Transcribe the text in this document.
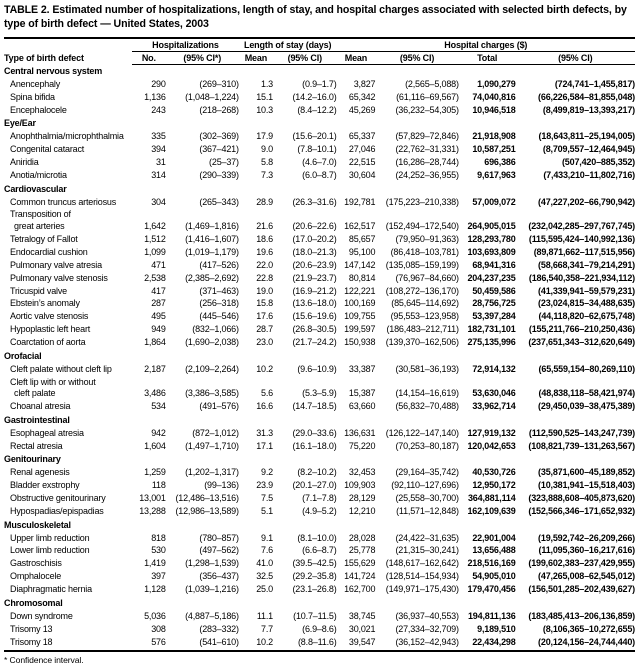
TABLE 2. Estimated number of hospitalizations, length of stay, and hospital charges associated with selected birth defects, by type of birth defect — United States, 2003
Type of birth defect	Hospitalizations		Length of stay (days)		Hospital charges ($)			
	No.	(95% CI*)	Mean	(95% CI)	Mean	(95% CI)	Total	(95% CI)
Central nervous system								
Anencephaly	290	(269–310)	1.3	(0.9–1.7)	3,827	(2,565–5,088)	1,090,279	(724,741–1,455,817)
Spina bifida	1,136	(1,048–1,224)	15.1	(14.2–16.0)	65,342	(61,116–69,567)	74,040,816	(66,226,584–81,855,048)
Encephalocele	243	(218–268)	10.3	(8.4–12.2)	45,269	(36,232–54,305)	10,946,518	(8,499,819–13,393,217)
Eye/Ear								
Anophthalmia/microphthalmia	335	(302–369)	17.9	(15.6–20.1)	65,337	(57,829–72,846)	21,918,908	(18,643,811–25,194,005)
Congenital cataract	394	(367–421)	9.0	(7.8–10.1)	27,046	(22,762–31,331)	10,587,251	(8,709,557–12,464,945)
Aniridia	31	(25–37)	5.8	(4.6–7.0)	22,515	(16,286–28,744)	696,386	(507,420–885,352)
Anotia/microtia	314	(290–339)	7.3	(6.0–8.7)	30,604	(24,252–36,955)	9,617,963	(7,433,210–11,802,716)
Cardiovascular								
Common truncus arteriosus	304	(265–343)	28.9	(26.3–31.6)	192,781	(175,223–210,338)	57,009,072	(47,227,202–66,790,942)

Transposition of
great arteries	1,642	(1,469–1,816)	21.6	(20.6–22.6)	162,517	(152,494–172,540)	264,905,015	(232,042,285–297,767,745)
Tetralogy of Fallot	1,512	(1,416–1,607)	18.6	(17.0–20.2)	85,657	(79,950–91,363)	128,293,780	(115,595,424–140,992,136)
Endocardial cushion	1,099	(1,019–1,179)	19.6	(18.0–21.3)	95,100	(86,418–103,781)	103,693,809	(89,871,662–117,515,956)
Pulmonary valve atresia	471	(417–526)	22.0	(20.6–23.9)	147,142	(135,085–159,199)	68,941,316	(58,668,341–79,214,291)
Pulmonary valve stenosis	2,538	(2,385–2,692)	22.8	(21.9–23.7)	80,814	(76,967–84,660)	204,237,235	(186,540,358–221,934,112)
Tricuspid valve	417	(371–463)	19.0	(16.9–21.2)	122,221	(108,272–136,170)	50,459,586	(41,339,941–59,579,231)
Ebstein’s anomaly	287	(256–318)	15.8	(13.6–18.0)	100,169	(85,645–114,692)	28,756,725	(23,024,815–34,488,635)
Aortic valve stenosis	495	(445–546)	17.6	(15.6–19.6)	109,755	(95,553–123,958)	53,397,284	(44,118,820–62,675,748)
Hypoplastic left heart	949	(832–1,066)	28.7	(26.8–30.5)	199,597	(186,483–212,711)	182,731,101	(155,211,766–210,250,436)
Coarctation of aorta	1,864	(1,690–2,038)	23.0	(21.7–24.2)	150,938	(139,370–162,506)	275,135,996	(237,651,343–312,620,649)
Orofacial								
Cleft palate without cleft lip	2,187	(2,109–2,264)	10.2	(9.6–10.9)	33,387	(30,581–36,193)	72,914,132	(65,559,154–80,269,110)

Cleft lip with or without
cleft palate	3,486	(3,386–3,585)	5.6	(5.3–5.9)	15,387	(14,154–16,619)	53,630,046	(48,838,118–58,421,974)
Choanal atresia	534	(491–576)	16.6	(14.7–18.5)	63,660	(56,832–70,488)	33,962,714	(29,450,039–38,475,389)
Gastrointestinal								
Esophageal atresia	942	(872–1,012)	31.3	(29.0–33.6)	136,631	(126,122–147,140)	127,919,132	(112,590,525–143,247,739)
Rectal atresia	1,604	(1,497–1,710)	17.1	(16.1–18.0)	75,220	(70,253–80,187)	120,042,653	(108,821,739–131,263,567)
Genitourinary								
Renal agenesis	1,259	(1,202–1,317)	9.2	(8.2–10.2)	32,453	(29,164–35,742)	40,530,726	(35,871,600–45,189,852)
Bladder exstrophy	118	(99–136)	23.9	(20.1–27.0)	109,903	(92,110–127,696)	12,950,172	(10,381,941–15,518,403)
Obstructive genitourinary	13,001	(12,486–13,516)	7.5	(7.1–7.8)	28,129	(25,558–30,700)	364,881,114	(323,888,608–405,873,620)
Hypospadias/epispadias	13,288	(12,986–13,589)	5.1	(4.9–5.2)	12,210	(11,571–12,848)	162,109,639	(152,566,346–171,652,932)
Musculoskeletal								
Upper limb reduction	818	(780–857)	9.1	(8.1–10.0)	28,028	(24,422–31,635)	22,901,004	(19,592,742–26,209,266)
Lower limb reduction	530	(497–562)	7.6	(6.6–8.7)	25,778	(21,315–30,241)	13,656,488	(11,095,360–16,217,616)
Gastroschisis	1,419	(1,298–1,539)	41.0	(39.5–42.5)	155,629	(148,617–162,642)	218,516,169	(199,602,383–237,429,955)
Omphalocele	397	(356–437)	32.5	(29.2–35.8)	141,724	(128,514–154,934)	54,905,010	(47,265,008–62,545,012)
Diaphragmatic hernia	1,128	(1,039–1,216)	25.0	(23.1–26.8)	162,700	(149,971–175,430)	179,470,456	(156,501,285–202,439,627)
Chromosomal								
Down syndrome	5,036	(4,887–5,186)	11.1	(10.7–11.5)	38,745	(36,937–40,553)	194,811,136	(183,485,413–206,136,859)
Trisomy 13	308	(283–332)	7.7	(6.9–8.6)	30,021	(27,334–32,709)	9,189,510	(8,106,365–10,272,655)
Trisomy 18	576	(541–610)	10.2	(8.8–11.6)	39,547	(36,152–42,943)	22,434,298	(20,124,156–24,744,440)
* Confidence interval.
